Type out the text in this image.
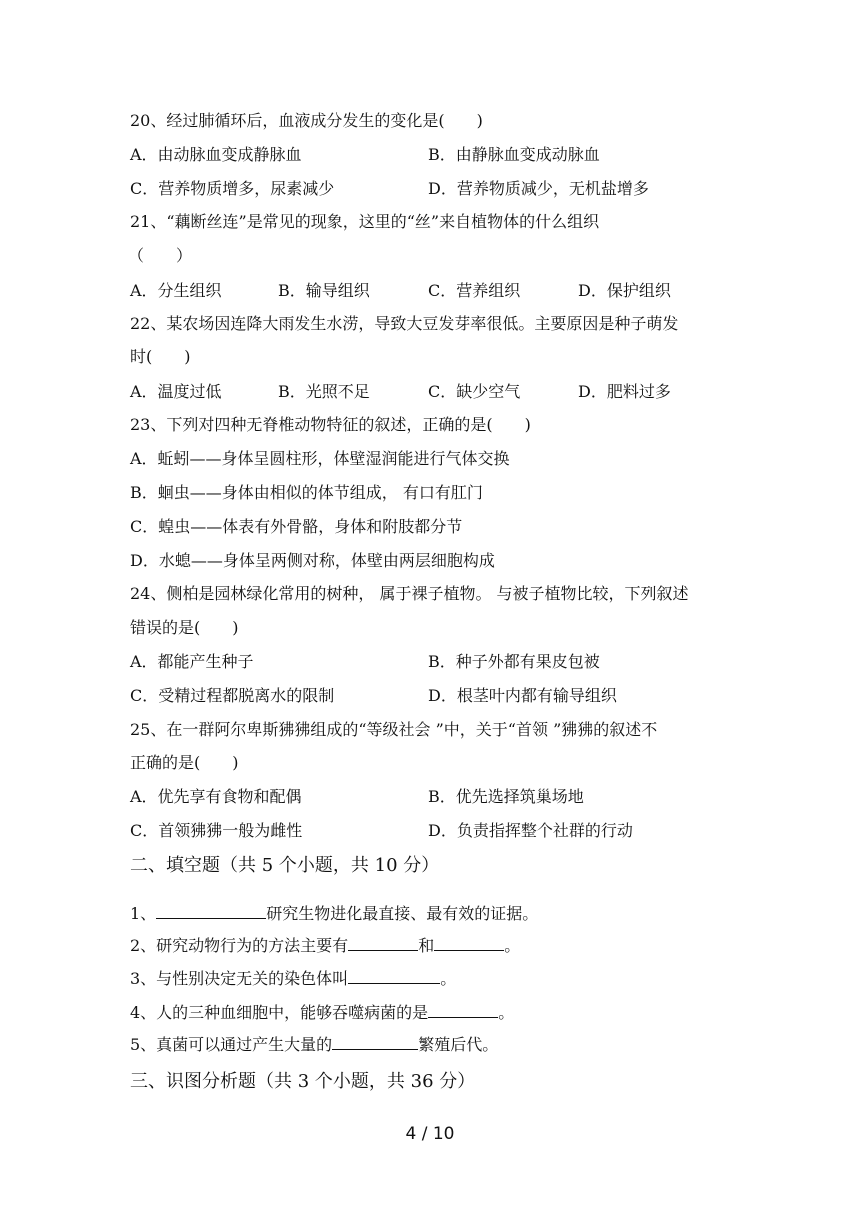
20、经过肺循环后，血液成分发生的变化是(　　)
A．由动脉血变成静脉血	B．由静脉血变成动脉血
C．营养物质增多，尿素减少	D．营养物质减少，无机盐增多
21、“藕断丝连”是常见的现象，这里的“丝”来自植物体的什么组织
（　　）
A．分生组织	B．输导组织	C．营养组织	D．保护组织
22、某农场因连降大雨发生水涝，导致大豆发芽率很低。主要原因是种子萌发
时(　　)
A．温度过低	B．光照不足	C．缺少空气	D．肥料过多
23、下列对四种无脊椎动物特征的叙述，正确的是(　　)
A．蚯蚓——身体呈圆柱形，体壁湿润能进行气体交换
B．蛔虫——身体由相似的体节组成， 有口有肛门
C．蝗虫——体表有外骨骼，身体和附肢都分节
D．水螅——身体呈两侧对称，体壁由两层细胞构成
24、侧柏是园林绿化常用的树种， 属于裸子植物。 与被子植物比较，下列叙述
错误的是(　　)
A．都能产生种子	B．种子外都有果皮包被
C．受精过程都脱离水的限制	D．根茎叶内都有输导组织
25、在一群阿尔卑斯狒狒组成的“等级社会 ”中，关于“首领 ”狒狒的叙述不
正确的是(　　)
A．优先享有食物和配偶	B．优先选择筑巢场地
C．首领狒狒一般为雌性	D．负责指挥整个社群的行动
二、填空题（共 5 个小题，共 10 分）
1、	研究生物进化最直接、最有效的证据。
2、研究动物行为的方法主要有	和	。
3、与性别决定无关的染色体叫	。
4、人的三种血细胞中，能够吞噬病菌的是	。
5、真菌可以通过产生大量的	繁殖后代。
三、识图分析题（共 3 个小题，共 36 分）
4 / 10
